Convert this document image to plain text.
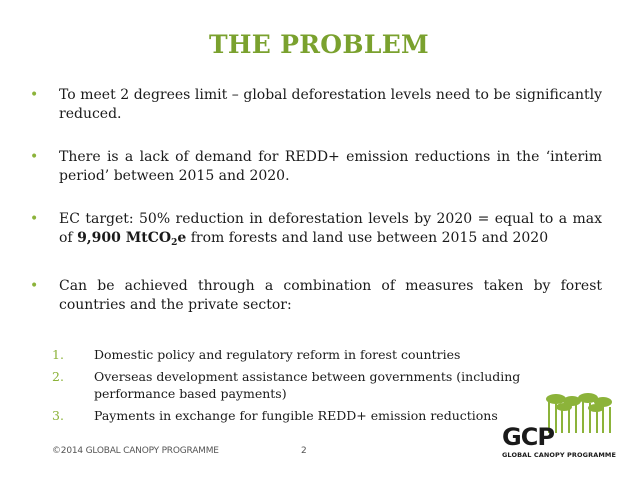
THE PROBLEM
• To meet 2 degrees limit – global deforestation levels need to be significantly reduced.
• There is a lack of demand for REDD+ emission reductions in the ‘interim period’ between 2015 and 2020.
• EC target: 50% reduction in deforestation levels by 2020 = equal to a max of 9,900 MtCO$_2$e from forests and land use between 2015 and 2020
• Can be achieved through a combination of measures taken by forest countries and the private sector:
1. Domestic policy and regulatory reform in forest countries
2. Overseas development assistance between governments (including performance based payments)
3. Payments in exchange for fungible REDD+ emission reductions
©2014 GLOBAL CANOPY PROGRAMME	2	GCP
GLOBAL CANOPY PROGRAMME
